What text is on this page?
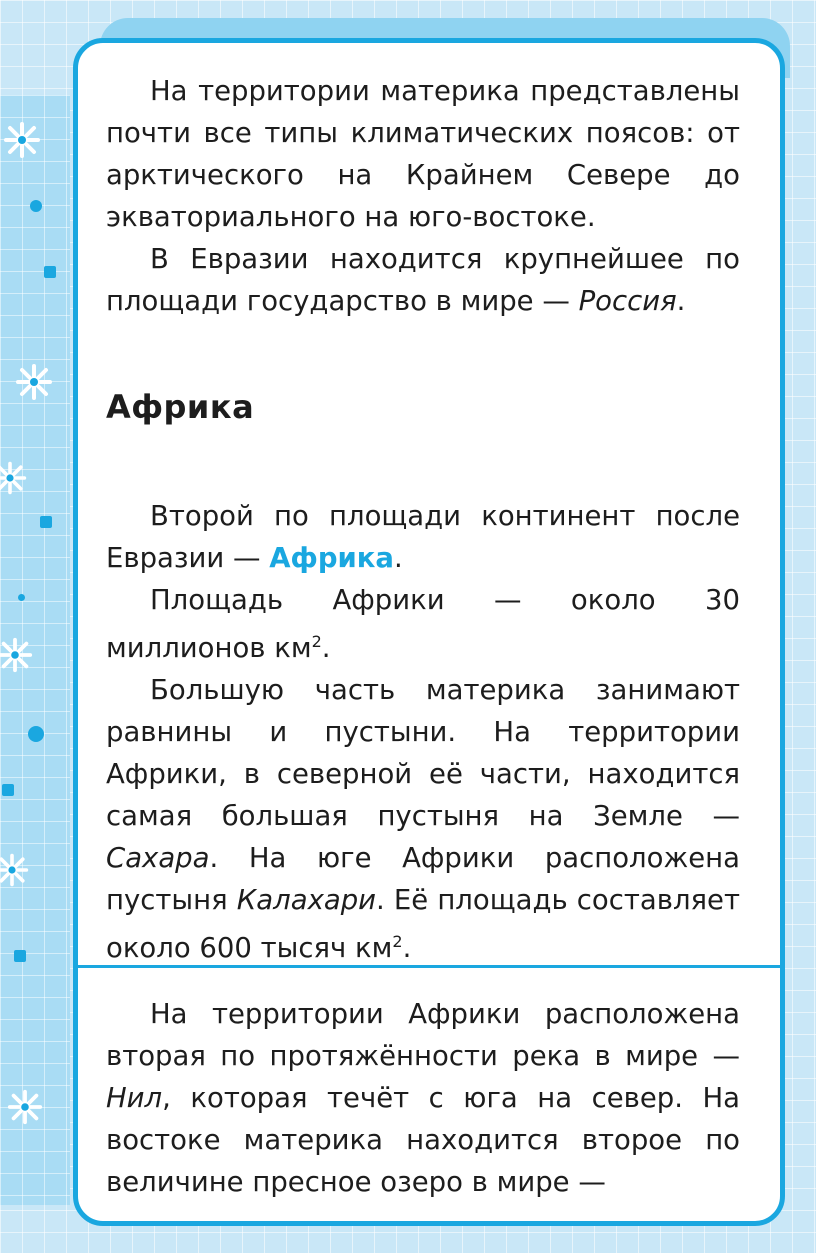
На территории материка представлены почти все типы климатических поясов: от арктического на Крайнем Севере до экваториального на юго-востоке.

В Евразии находится крупнейшее по площади государство в мире — Россия.

Африка

Второй по площади континент после Евразии — Африка.

Площадь Африки — около 30 миллионов $км^2$.

Большую часть материка занимают равнины и пустыни. На территории Африки, в северной её части, находится самая большая пустыня на Земле — Сахара. На юге Африки расположена пустыня Калахари. Её площадь составляет около 600 тысяч $км^2$.

На территории Африки расположена вторая по протяжённости река в мире — Нил, которая течёт с юга на север. На востоке материка находится второе по величине пресное озеро в мире —
